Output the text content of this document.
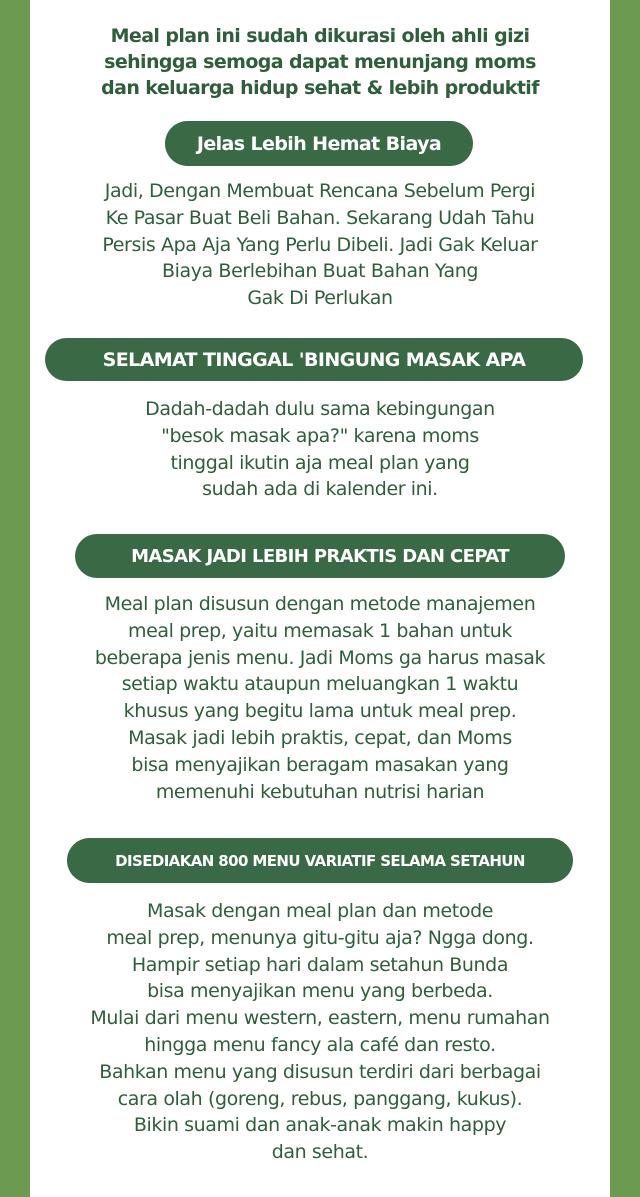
Meal plan ini sudah dikurasi oleh ahli gizi
sehingga semoga dapat menunjang moms
dan keluarga hidup sehat & lebih produktif
Jelas Lebih Hemat Biaya
Jadi, Dengan Membuat Rencana Sebelum Pergi
Ke Pasar Buat Beli Bahan. Sekarang Udah Tahu
Persis Apa Aja Yang Perlu Dibeli. Jadi Gak Keluar
Biaya Berlebihan Buat Bahan Yang
Gak Di Perlukan
SELAMAT TINGGAL 'BINGUNG MASAK APA
Dadah-dadah dulu sama kebingungan
"besok masak apa?" karena moms
tinggal ikutin aja meal plan yang
sudah ada di kalender ini.
MASAK JADI LEBIH PRAKTIS DAN CEPAT
Meal plan disusun dengan metode manajemen
meal prep, yaitu memasak 1 bahan untuk
beberapa jenis menu. Jadi Moms ga harus masak
setiap waktu ataupun meluangkan 1 waktu
khusus yang begitu lama untuk meal prep.
Masak jadi lebih praktis, cepat, dan Moms
bisa menyajikan beragam masakan yang
memenuhi kebutuhan nutrisi harian
DISEDIAKAN 800 MENU VARIATIF SELAMA SETAHUN
Masak dengan meal plan dan metode
meal prep, menunya gitu-gitu aja? Ngga dong.
Hampir setiap hari dalam setahun Bunda
bisa menyajikan menu yang berbeda.
Mulai dari menu western, eastern, menu rumahan
hingga menu fancy ala café dan resto.
Bahkan menu yang disusun terdiri dari berbagai
cara olah (goreng, rebus, panggang, kukus).
Bikin suami dan anak-anak makin happy
dan sehat.
